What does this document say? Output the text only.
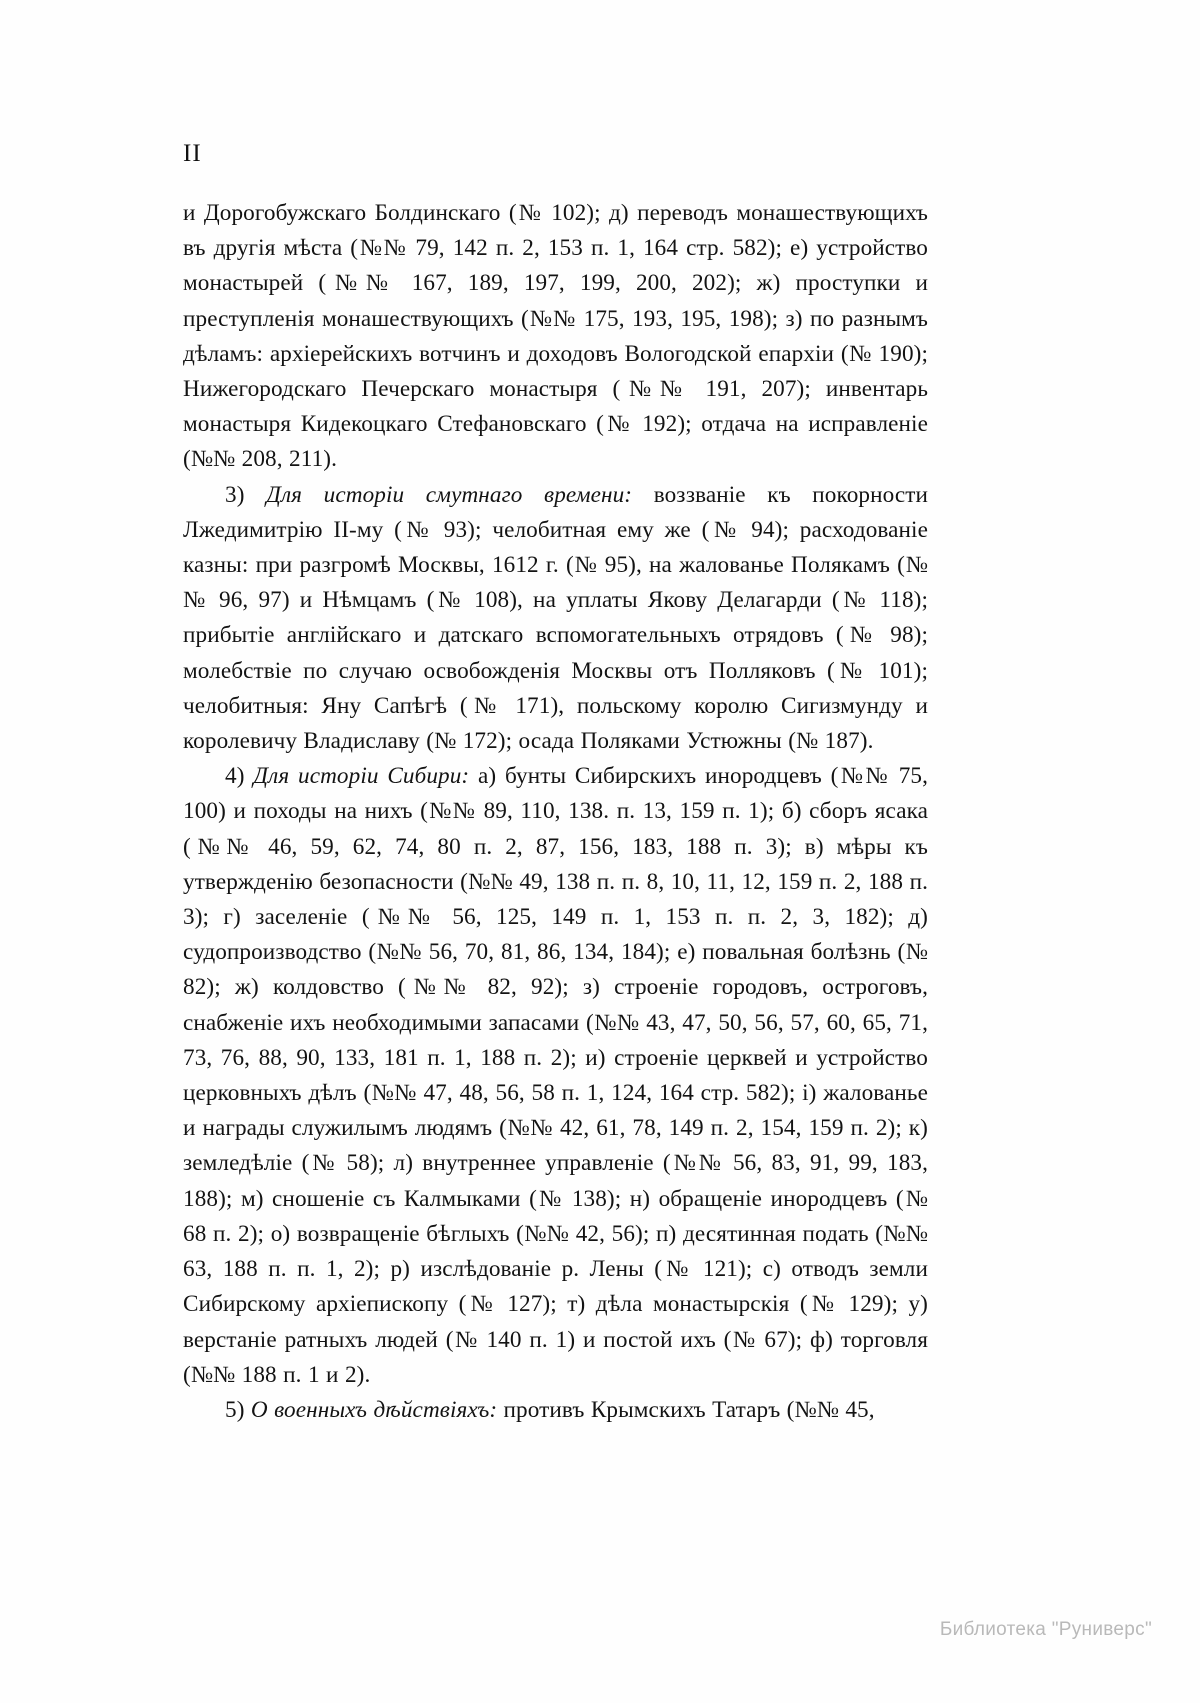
II

и Дорогобужскаго Болдинскаго (№ 102); д) переводъ монашествующихъ въ другія мѣста (№№ 79, 142 п. 2, 153 п. 1, 164 стр. 582); е) устройство монастырей (№№ 167, 189, 197, 199, 200, 202); ж) проступки и преступленія монашествующихъ (№№ 175, 193, 195, 198); з) по разнымъ дѣламъ: архіерейскихъ вотчинъ и доходовъ Вологодской епархіи (№ 190); Нижегородскаго Печерскаго монастыря (№№ 191, 207); инвентарь монастыря Кидекоцкаго Стефановскаго (№ 192); отдача на исправленіе (№№ 208, 211).

3) Для исторіи смутнаго времени: воззваніе къ покорности Лжедимитрію II-му (№ 93); челобитная ему же (№ 94); расходованіе казны: при разгромѣ Москвы, 1612 г. (№ 95), на жалованье Полякамъ (№№ 96, 97) и Нѣмцамъ (№ 108), на уплаты Якову Делагарди (№ 118); прибытіе англійскаго и датскаго вспомогательныхъ отрядовъ (№ 98); молебствіе по случаю освобожденія Москвы отъ Полляковъ (№ 101); челобитныя: Яну Сапѣгѣ (№ 171), польскому королю Сигизмунду и королевичу Владиславу (№ 172); осада Поляками Устюжны (№ 187).

4) Для исторіи Сибири: а) бунты Сибирскихъ инородцевъ (№№ 75, 100) и походы на нихъ (№№ 89, 110, 138. п. 13, 159 п. 1); б) сборъ ясака (№№ 46, 59, 62, 74, 80 п. 2, 87, 156, 183, 188 п. 3); в) мѣры къ утвержденію безопасности (№№ 49, 138 п. п. 8, 10, 11, 12, 159 п. 2, 188 п. 3); г) заселеніе (№№ 56, 125, 149 п. 1, 153 п. п. 2, 3, 182); д) судопроизводство (№№ 56, 70, 81, 86, 134, 184); е) повальная болѣзнь (№ 82); ж) колдовство (№№ 82, 92); з) строеніе городовъ, остроговъ, снабженіе ихъ необходимыми запасами (№№ 43, 47, 50, 56, 57, 60, 65, 71, 73, 76, 88, 90, 133, 181 п. 1, 188 п. 2); и) строеніе церквей и устройство церковныхъ дѣлъ (№№ 47, 48, 56, 58 п. 1, 124, 164 стр. 582); і) жалованье и награды служилымъ людямъ (№№ 42, 61, 78, 149 п. 2, 154, 159 п. 2); к) земледѣліе (№ 58); л) внутреннее управленіе (№№ 56, 83, 91, 99, 183, 188); м) сношеніе съ Калмыками (№ 138); н) обращеніе инородцевъ (№ 68 п. 2); о) возвращеніе бѣглыхъ (№№ 42, 56); п) десятинная подать (№№ 63, 188 п. п. 1, 2); р) изслѣдованіе р. Лены (№ 121); с) отводъ земли Сибирскому архіепископу (№ 127); т) дѣла монастырскія (№ 129); у) верстаніе ратныхъ людей (№ 140 п. 1) и постой ихъ (№ 67); ф) торговля (№№ 188 п. 1 и 2).

5) О военныхъ дѣйствіяхъ: противъ Крымскихъ Татаръ (№№ 45,

Библиотека "Руниверс"
